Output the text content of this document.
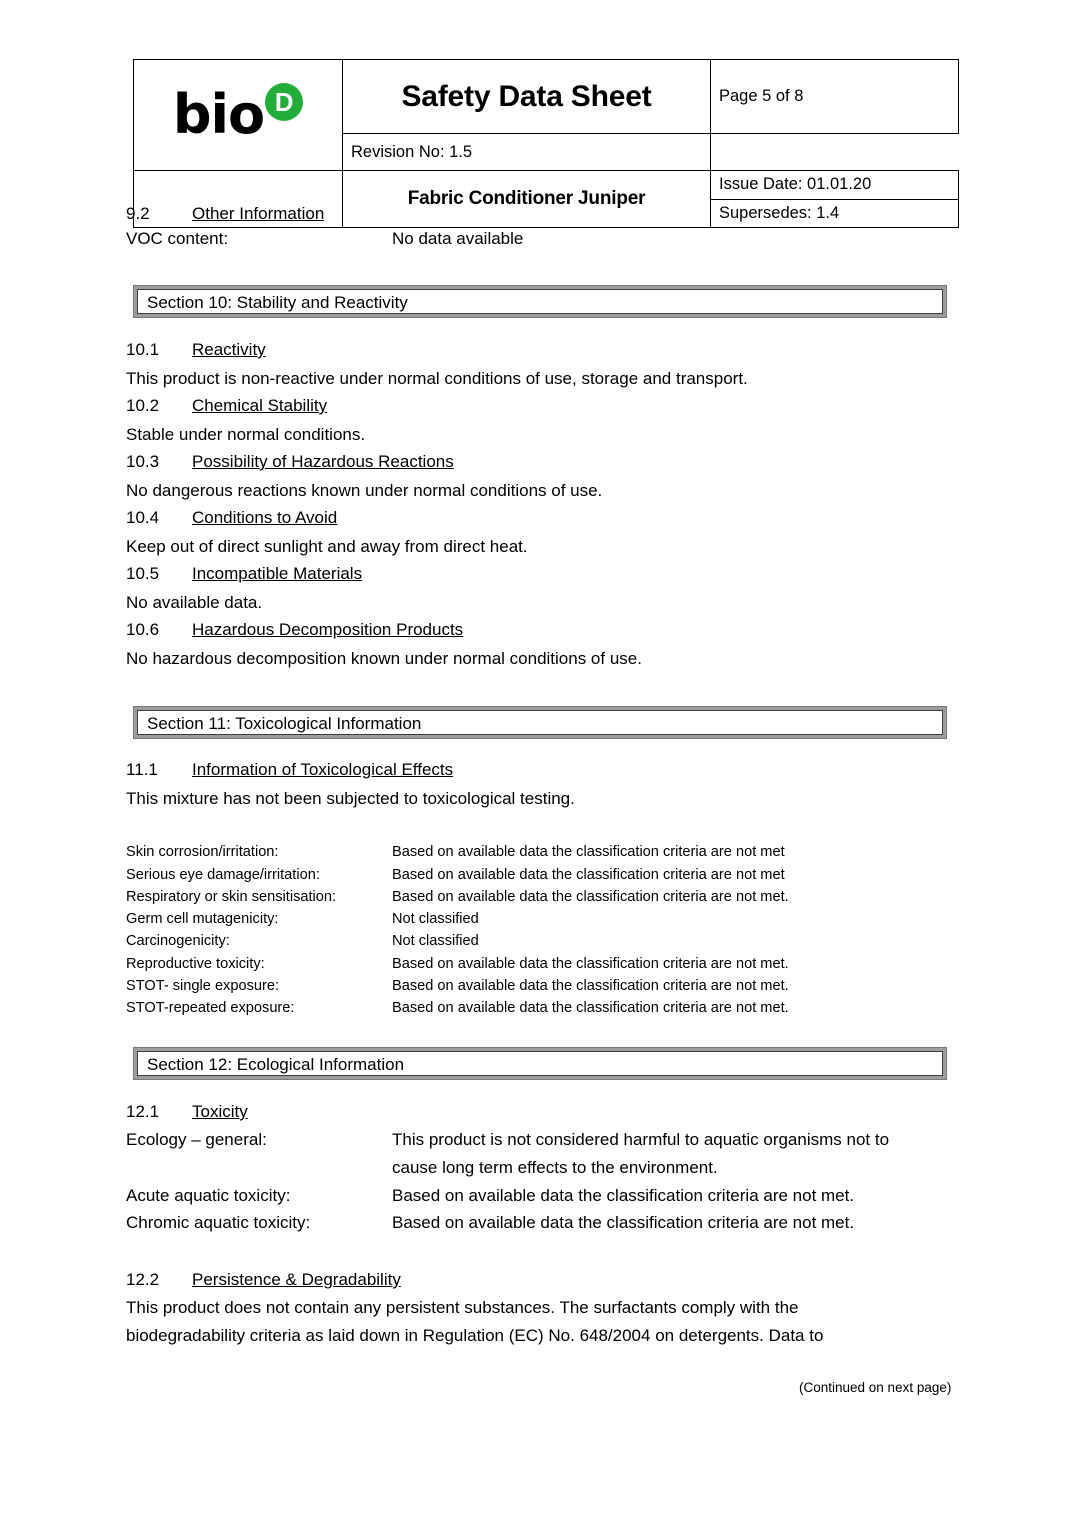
bio D	Safety Data Sheet	Page 5 of 8
	Revision No: 1.5	
	Fabric Conditioner Juniper	Issue Date: 01.01.20
		Supersedes: 1.4
9.2 Other Information
VOC content:	No data available
Section 10: Stability and Reactivity
10.1 Reactivity
This product is non-reactive under normal conditions of use, storage and transport.
10.2 Chemical Stability
Stable under normal conditions.
10.3 Possibility of Hazardous Reactions
No dangerous reactions known under normal conditions of use.
10.4 Conditions to Avoid
Keep out of direct sunlight and away from direct heat.
10.5 Incompatible Materials
No available data.
10.6 Hazardous Decomposition Products
No hazardous decomposition known under normal conditions of use.
Section 11: Toxicological Information
11.1 Information of Toxicological Effects
This mixture has not been subjected to toxicological testing.
Skin corrosion/irritation:	Based on available data the classification criteria are not met
Serious eye damage/irritation:	Based on available data the classification criteria are not met
Respiratory or skin sensitisation:	Based on available data the classification criteria are not met.
Germ cell mutagenicity:	Not classified
Carcinogenicity:	Not classified
Reproductive toxicity:	Based on available data the classification criteria are not met.
STOT- single exposure:	Based on available data the classification criteria are not met.
STOT-repeated exposure:	Based on available data the classification criteria are not met.
Section 12: Ecological Information
12.1 Toxicity
Ecology – general:	This product is not considered harmful to aquatic organisms not to
cause long term effects to the environment.
Acute aquatic toxicity:	Based on available data the classification criteria are not met.
Chromic aquatic toxicity:	Based on available data the classification criteria are not met.
12.2 Persistence & Degradability
This product does not contain any persistent substances. The surfactants comply with the
biodegradability criteria as laid down in Regulation (EC) No. 648/2004 on detergents. Data to
(Continued on next page)
